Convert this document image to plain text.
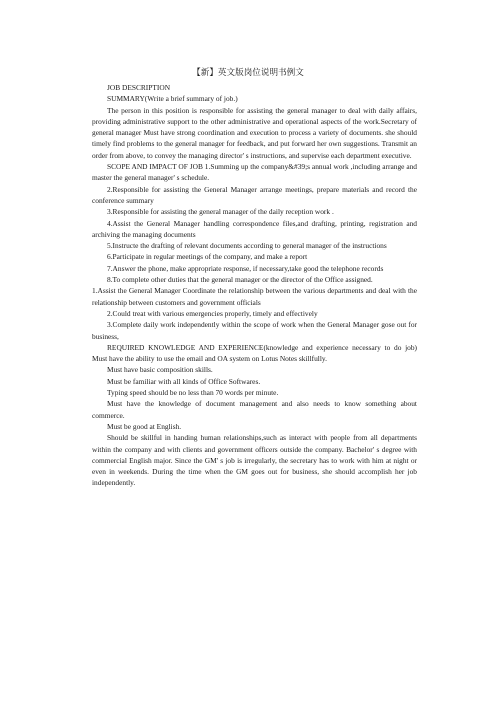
【新】英文版岗位说明书例文

JOB DESCRIPTION

SUMMARY(Write a brief summary of job.)

The person in this position is responsible for assisting the general manager to deal with daily affairs, providing administrative support to the other administrative and operational aspects of the work.Secretary of general manager Must have strong coordination and execution to process a variety of documents. she should timely find problems to the general manager for feedback, and put forward her own suggestions. Transmit an order from above, to convey the managing director' s instructions, and supervise each department executive.

SCOPE AND IMPACT OF JOB 1.Summing up the company&#39;s annual work ,including arrange and master the general manager' s schedule.

2.Responsible for assisting the General Manager arrange meetings, prepare materials and record the conference summary

3.Responsible for assisting the general manager of the daily reception work .

4.Assist the General Manager handling correspondence files,and drafting, printing, registration and archiving the managing documents

5.Instructe the drafting of relevant documents according to general manager of the instructions

6.Participate in regular meetings of the company, and make a report

7.Answer the phone, make appropriate response, if necessary,take good the telephone records

8.To complete other duties that the general manager or the director of the Office assigned.

1.Assist the General Manager Coordinate the relationship between the various departments and deal with the relationship between customers and government officials

2.Could treat with various emergencies properly, timely and effectively

3.Complete daily work independently within the scope of work when the General Manager gose out for business,

REQUIRED KNOWLEDGE AND EXPERIENCE(knowledge and experience necessary to do job) Must have the ability to use the email and OA system on Lotus Notes skillfully.

Must have basic composition skills.

Must be familiar with all kinds of Office Softwares.

Typing speed should be no less than 70 words per minute.

Must have the knowledge of document management and also needs to know something about commerce.

Must be good at English.

Should be skillful in handing human relationships,such as interact with people from all departments within the company and with clients and government officers outside the company. Bachelor' s degree with commercial English major. Since the GM' s job is irregularly, the secretary has to work with him at night or even in weekends. During the time when the GM goes out for business, she should accomplish her job independently.
